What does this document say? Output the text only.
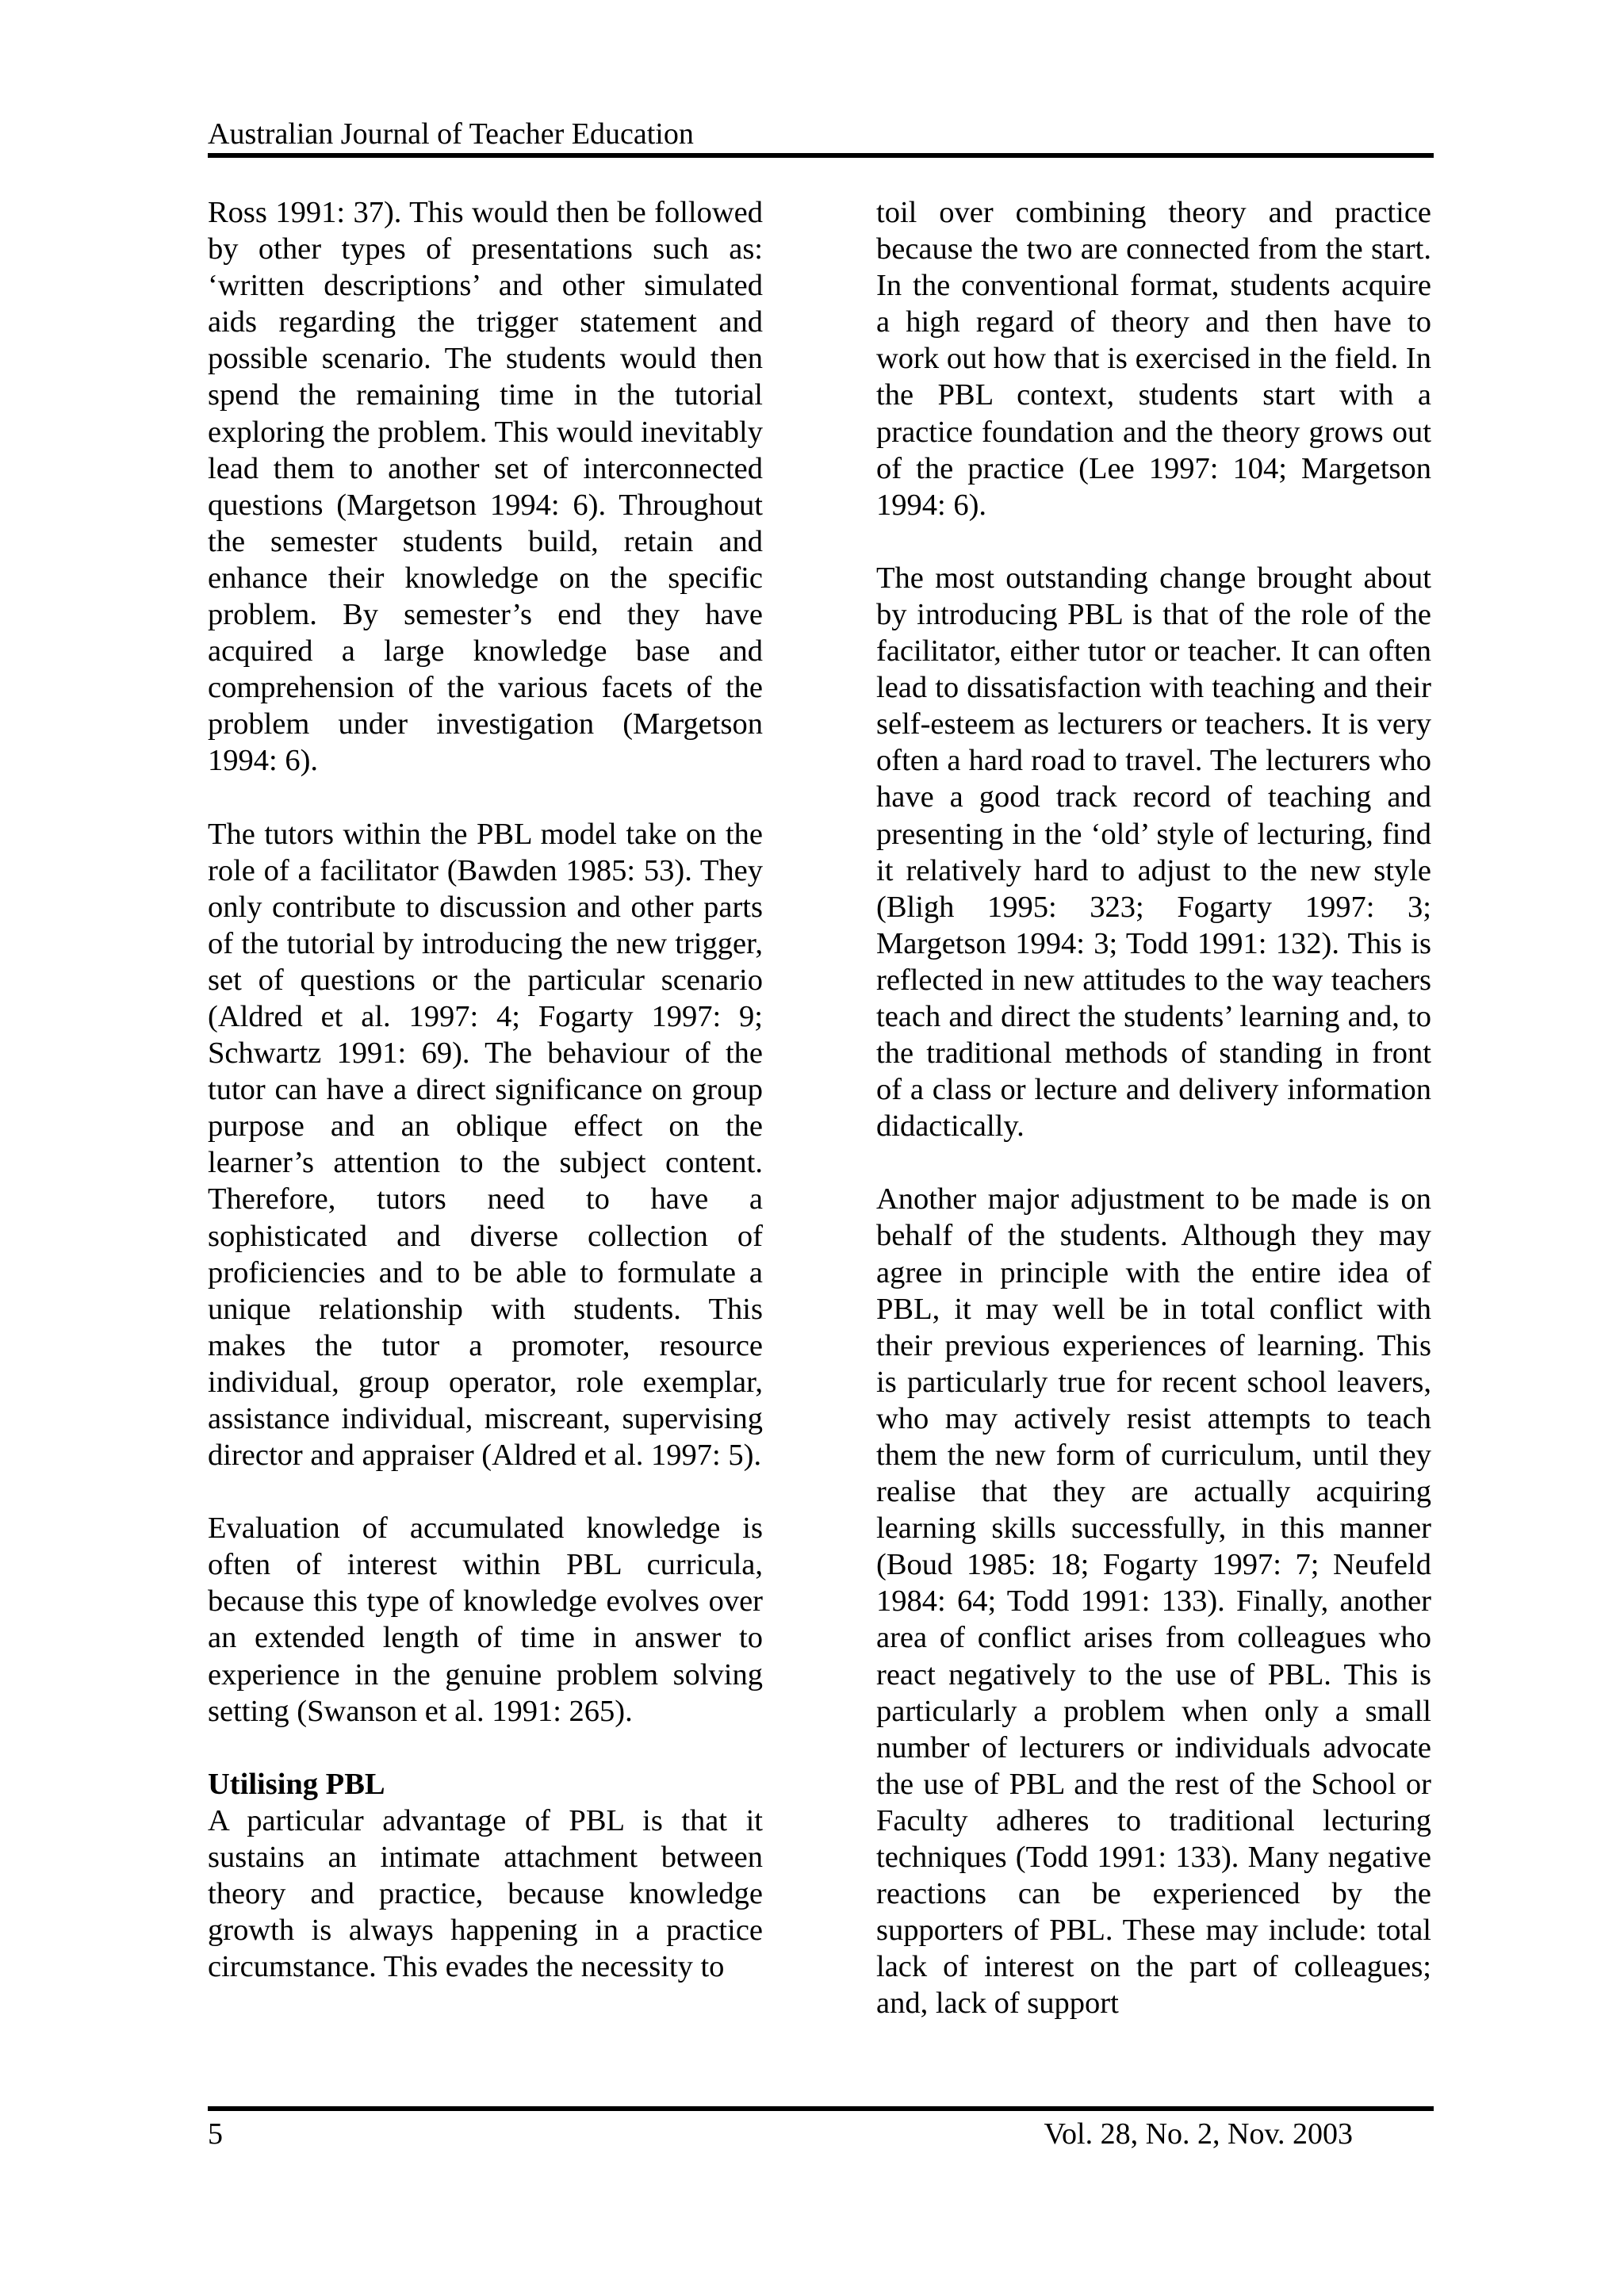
Australian Journal of Teacher Education

Ross 1991: 37). This would then be followed by other types of presentations such as: ‘written descriptions’ and other simulated aids regarding the trigger statement and possible scenario. The students would then spend the remaining time in the tutorial exploring the problem. This would inevitably lead them to another set of interconnected questions (Margetson 1994: 6). Throughout the semester students build, retain and enhance their knowledge on the specific problem. By semester’s end they have acquired a large knowledge base and comprehension of the various facets of the problem under investigation (Margetson 1994: 6).

The tutors within the PBL model take on the role of a facilitator (Bawden 1985: 53). They only contribute to discussion and other parts of the tutorial by introducing the new trigger, set of questions or the particular scenario (Aldred et al. 1997: 4; Fogarty 1997: 9; Schwartz 1991: 69). The behaviour of the tutor can have a direct significance on group purpose and an oblique effect on the learner’s attention to the subject content. Therefore, tutors need to have a sophisticated and diverse collection of proficiencies and to be able to formulate a unique relationship with students. This makes the tutor a promoter, resource individual, group operator, role exemplar, assistance individual, miscreant, supervising director and appraiser (Aldred et al. 1997: 5).

Evaluation of accumulated knowledge is often of interest within PBL curricula, because this type of knowledge evolves over an extended length of time in answer to experience in the genuine problem solving setting (Swanson et al. 1991: 265).

Utilising PBL

A particular advantage of PBL is that it sustains an intimate attachment between theory and practice, because knowledge growth is always happening in a practice circumstance. This evades the necessity to

toil over combining theory and practice because the two are connected from the start. In the conventional format, students acquire a high regard of theory and then have to work out how that is exercised in the field. In the PBL context, students start with a practice foundation and the theory grows out of the practice (Lee 1997: 104; Margetson 1994: 6).

The most outstanding change brought about by introducing PBL is that of the role of the facilitator, either tutor or teacher. It can often lead to dissatisfaction with teaching and their self-esteem as lecturers or teachers. It is very often a hard road to travel. The lecturers who have a good track record of teaching and presenting in the ‘old’ style of lecturing, find it relatively hard to adjust to the new style (Bligh 1995: 323; Fogarty 1997: 3; Margetson 1994: 3; Todd 1991: 132). This is reflected in new attitudes to the way teachers teach and direct the students’ learning and, to the traditional methods of standing in front of a class or lecture and delivery information didactically.

Another major adjustment to be made is on behalf of the students. Although they may agree in principle with the entire idea of PBL, it may well be in total conflict with their previous experiences of learning. This is particularly true for recent school leavers, who may actively resist attempts to teach them the new form of curriculum, until they realise that they are actually acquiring learning skills successfully, in this manner (Boud 1985: 18; Fogarty 1997: 7; Neufeld 1984: 64; Todd 1991: 133). Finally, another area of conflict arises from colleagues who react negatively to the use of PBL. This is particularly a problem when only a small number of lecturers or individuals advocate the use of PBL and the rest of the School or Faculty adheres to traditional lecturing techniques (Todd 1991: 133). Many negative reactions can be experienced by the supporters of PBL. These may include: total lack of interest on the part of colleagues; and, lack of support

5	Vol. 28, No. 2, Nov. 2003
